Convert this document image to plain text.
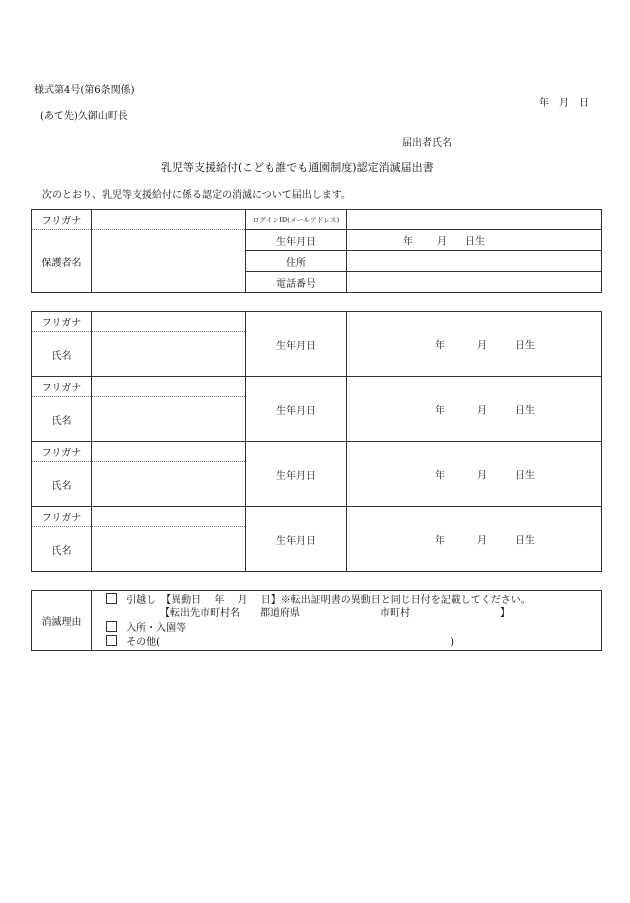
様式第4号(第6条関係)
年　月　日
(あて先)久御山町長
届出者氏名
乳児等支援給付(こども誰でも通園制度)認定消滅届出書
次のとおり、乳児等支援給付に係る認定の消滅について届出します。
フリガナ		ログインID(メールアドレス)	
保護者名		生年月日	年 月 日生

		住所	
		電話番号	
フリガナ		生年月日	年 月 日生

氏名			
フリガナ		生年月日	年 月 日生

氏名			
フリガナ		生年月日	年 月 日生

氏名			
フリガナ		生年月日	年 月 日生

氏名			
消滅理由	
引越し　【異動日　 年　 月　 日】※転出証明書の異動日と同じ日付を記載してください。
【転出先市町村名　　都道府県　　　　　　　　市町村　　　　　　　　　】
入所・入園等
その他(　　　　　　　　　　　　　　　　　　　　　　　　　　　　　)
